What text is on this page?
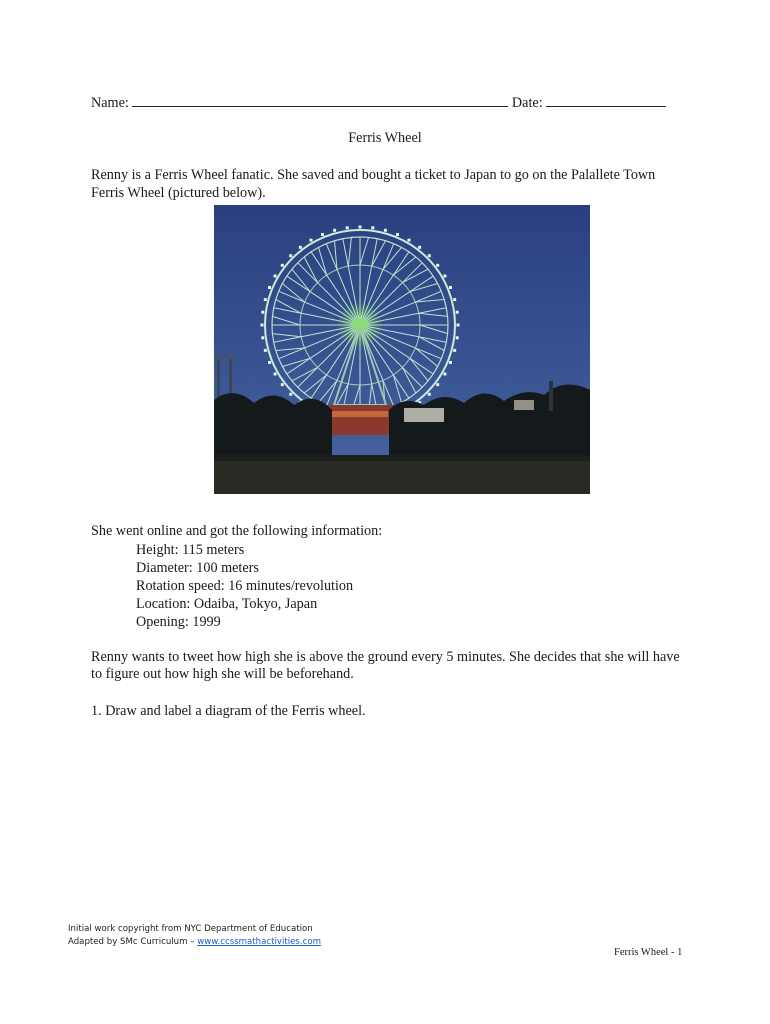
Name:	Date:
Ferris Wheel
Renny is a Ferris Wheel fanatic. She saved and bought a ticket to Japan to go on the Palallete Town Ferris Wheel (pictured below).
She went online and got the following information:
Height: 115 meters
Diameter: 100 meters
Rotation speed: 16 minutes/revolution
Location: Odaiba, Tokyo, Japan
Opening: 1999
Renny wants to tweet how high she is above the ground every 5 minutes. She decides that she will have to figure out how high she will be beforehand.
1. Draw and label a diagram of the Ferris wheel.
Initial work copyright from NYC Department of Education
Adapted by SMc Curriculum – www.ccssmathactivities.com
Ferris Wheel - 1
